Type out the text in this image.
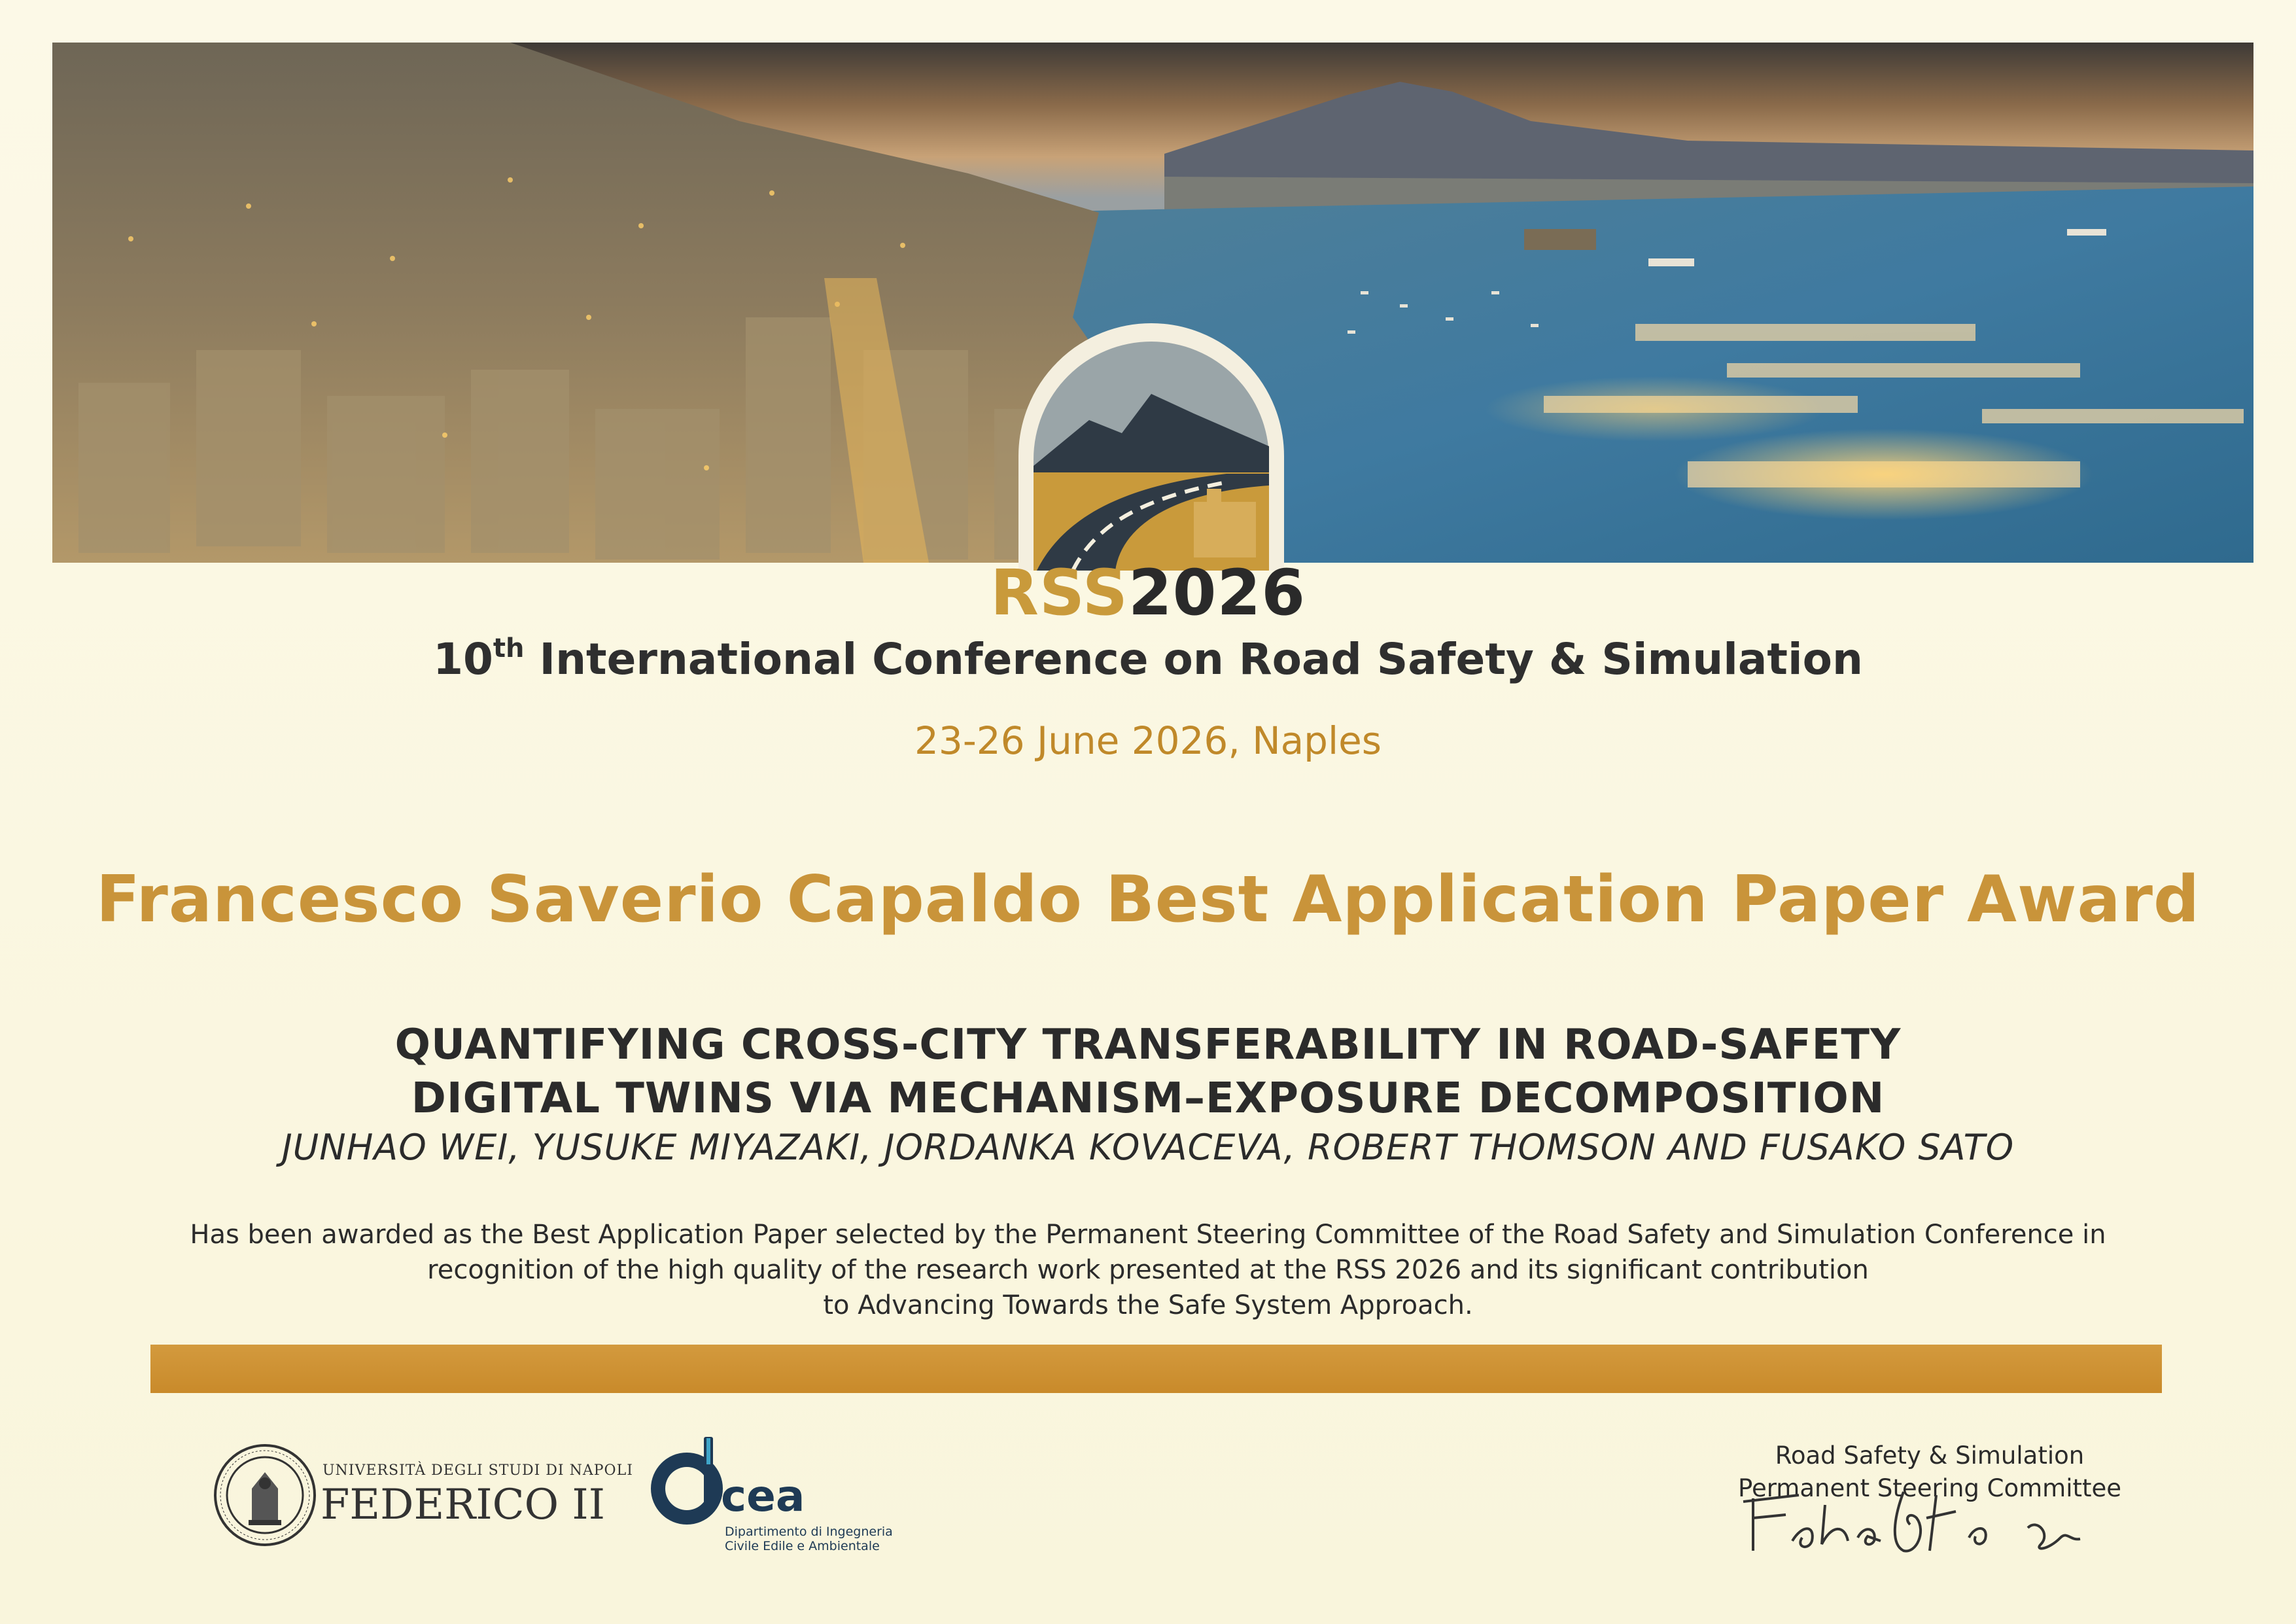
RSS2026
10th International Conference on Road Safety & Simulation
23-26 June 2026, Naples
Francesco Saverio Capaldo Best Application Paper Award
QUANTIFYING CROSS-CITY TRANSFERABILITY IN ROAD-SAFETY
DIGITAL TWINS VIA MECHANISM–EXPOSURE DECOMPOSITION
JUNHAO WEI, YUSUKE MIYAZAKI, JORDANKA KOVACEVA, ROBERT THOMSON AND FUSAKO SATO
Has been awarded as the Best Application Paper selected by the Permanent Steering Committee of the Road Safety and Simulation Conference in
recognition of the high quality of the research work presented at the RSS 2026 and its significant contribution
to Advancing Towards the Safe System Approach.
UNIVERSITÀ DEGLI STUDI DI NAPOLI
FEDERICO II	cea
Dipartimento di Ingegneria
Civile Edile e Ambientale
Road Safety & Simulation
Permanent Steering Committee
